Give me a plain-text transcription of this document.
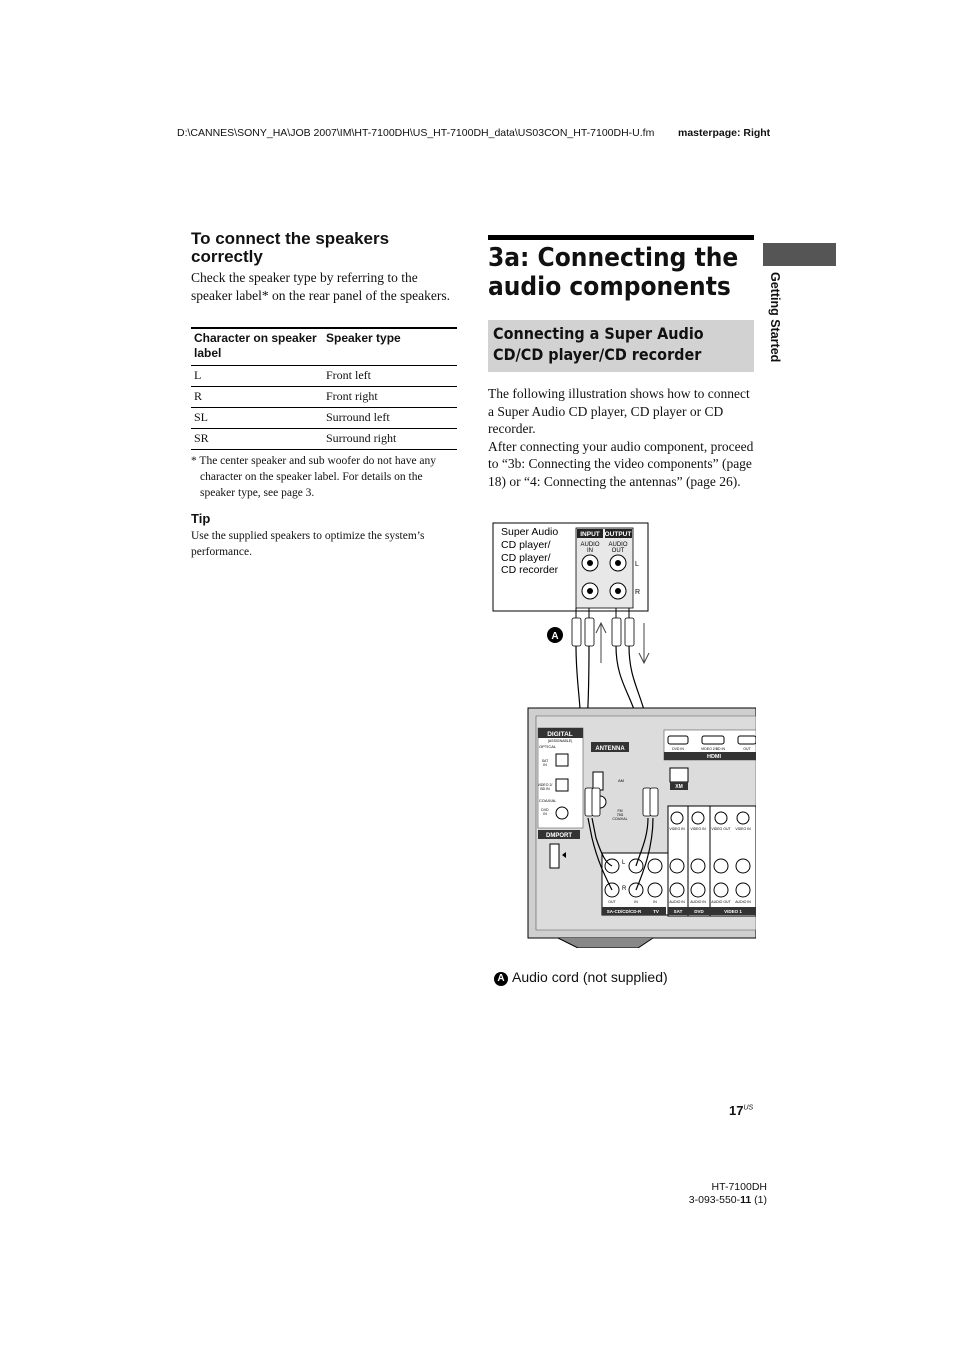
D:\CANNES\SONY_HA\JOB 2007\IM\HT-7100DH\US_HT-7100DH_data\US03CON_HT-7100DH-U.fm	masterpage: Right
To connect the speakers correctly
Check the speaker type by referring to the speaker label* on the rear panel of the speakers.
Character on speaker label	Speaker type
L	Front left
R	Front right
SL	Surround left
SR	Surround right
* The center speaker and sub woofer do not have any character on the speaker label. For details on the speaker type, see page 3.
Tip
Use the supplied speakers to optimize the system’s performance.
3a: Connecting the audio components
Connecting a Super Audio CD/CD player/CD recorder
The following illustration shows how to connect a Super Audio CD player, CD player or CD recorder.
After connecting your audio component, proceed to “3b: Connecting the video components” (page 18) or “4: Connecting the antennas” (page 26).
Getting Started
Super Audio
CD player/
CD player/
CD recorder
INPUT OUTPUT
AUDIO
IN
AUDIO
OUT
L
R
A
DIGITAL
(ASSIGNABLE)
OPTICAL
SAT
IN
VIDEO 2/
BD IN
COAXIAL
DVD
IN
ANTENNA
AM
FM
75Ω
COAXIAL
DMPORT
DVD IN	VIDEO 2/BD IN	OUT
HDMI
XM
VIDEO IN VIDEO IN VIDEO OUT VIDEO IN
L
R
OUT	IN	IN	AUDIO IN AUDIO IN AUDIO OUT AUDIO IN
SA-CD/CD/CD-R	TV	SAT	DVD	VIDEO 1
A Audio cord (not supplied)
$17^{US}$
HT-7100DH
3-093-550-11 (1)
